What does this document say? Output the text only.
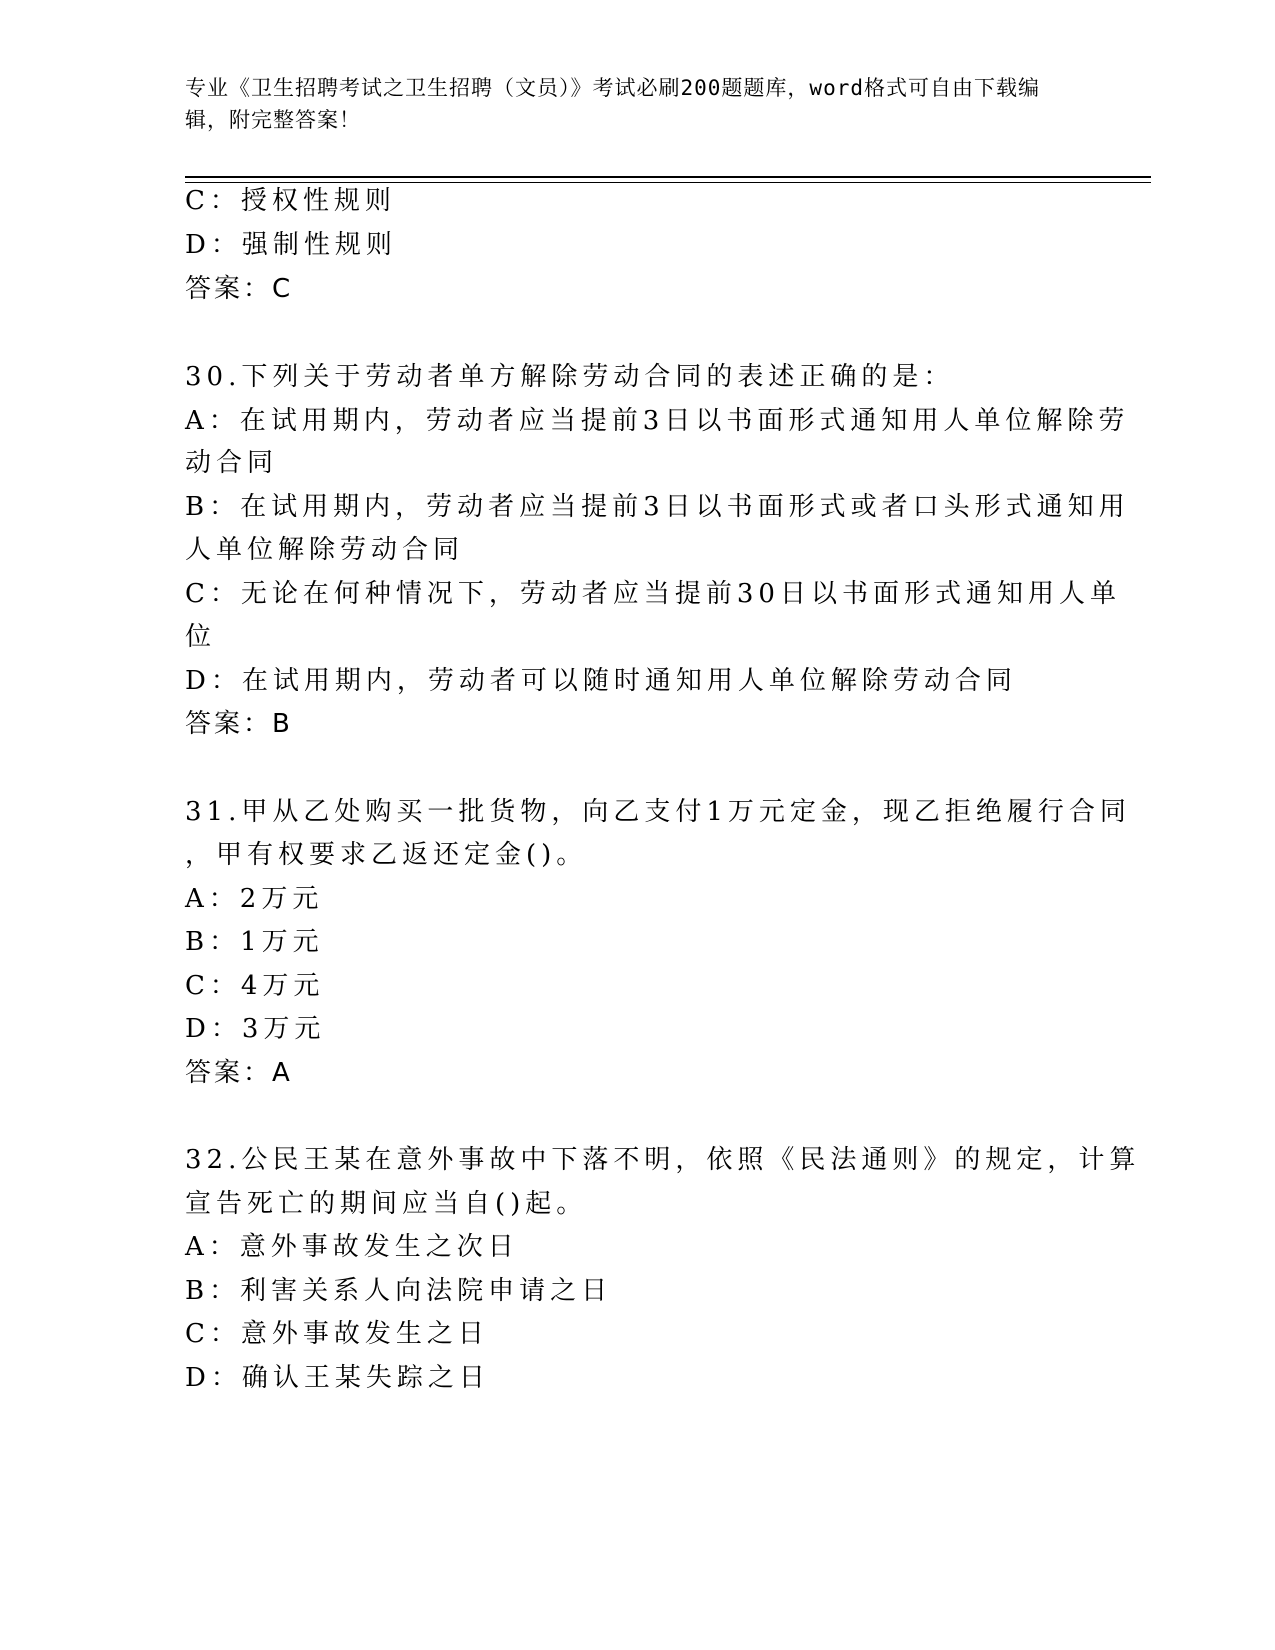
专业《卫生招聘考试之卫生招聘（文员）》考试必刷200题题库，word格式可自由下载编辑，附完整答案！
C：授权性规则
D：强制性规则
答案：C
30.下列关于劳动者单方解除劳动合同的表述正确的是：
A：在试用期内，劳动者应当提前3日以书面形式通知用人单位解除劳
动合同
B：在试用期内，劳动者应当提前3日以书面形式或者口头形式通知用
人单位解除劳动合同
C：无论在何种情况下，劳动者应当提前30日以书面形式通知用人单
位
D：在试用期内，劳动者可以随时通知用人单位解除劳动合同
答案：B
31.甲从乙处购买一批货物，向乙支付1万元定金，现乙拒绝履行合同
，甲有权要求乙返还定金()。
A：2万元
B：1万元
C：4万元
D：3万元
答案：A
32.公民王某在意外事故中下落不明，依照《民法通则》的规定，计算
宣告死亡的期间应当自()起。
A：意外事故发生之次日
B：利害关系人向法院申请之日
C：意外事故发生之日
D：确认王某失踪之日
